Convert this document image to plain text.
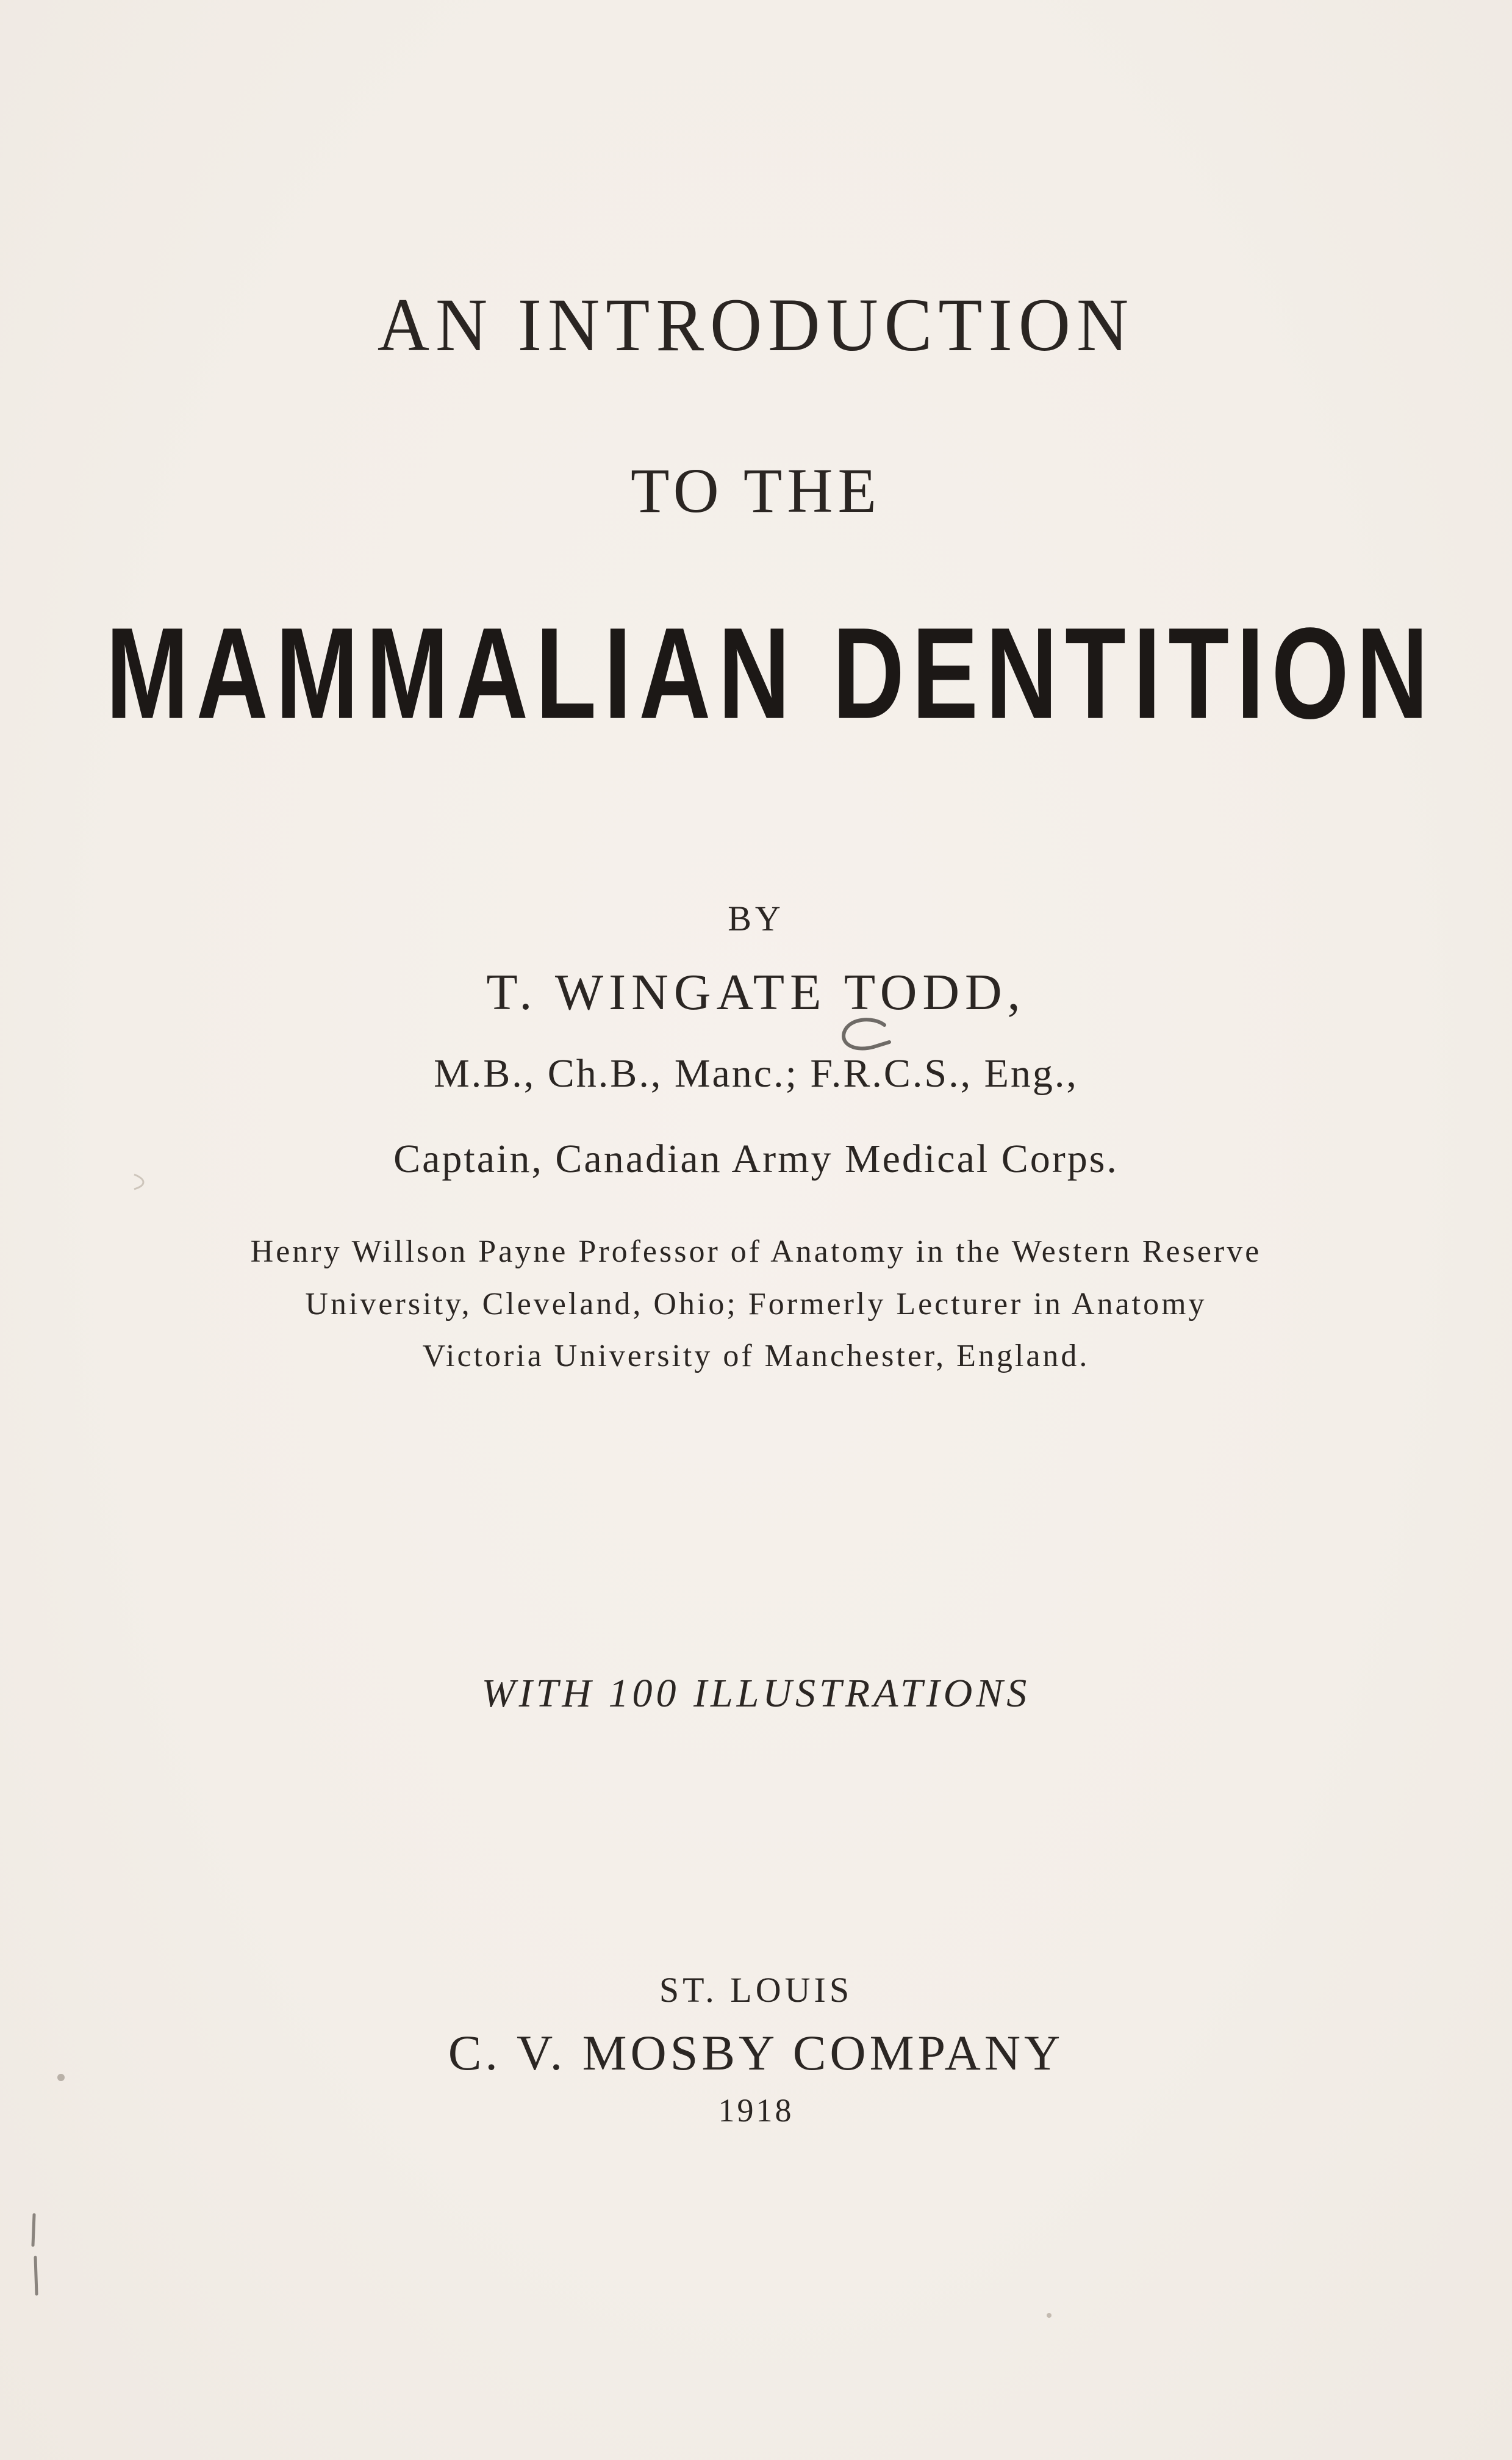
AN INTRODUCTION
TO THE
MAMMALIAN DENTITION
BY
T. WINGATE TODD,
M.B., Ch.B., Manc.; F.R.C.S., Eng.,
Captain, Canadian Army Medical Corps.
Henry Willson Payne Professor of Anatomy in the Western Reserve
University, Cleveland, Ohio; Formerly Lecturer in Anatomy
Victoria University of Manchester, England.
WITH 100 ILLUSTRATIONS
ST. LOUIS
C. V. MOSBY COMPANY
1918
